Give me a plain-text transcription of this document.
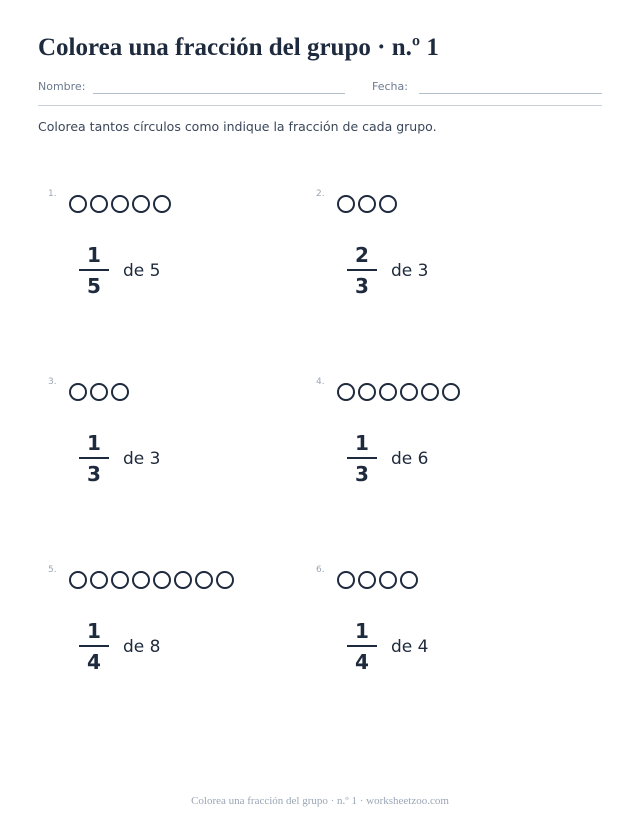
Colorea una fracción del grupo · n.º 1
Nombre:	Fecha:
Colorea tantos círculos como indique la fracción de cada grupo.
1.
1
5
de 5
2.
2
3
de 3
3.
1
3
de 3
4.
1
3
de 6
5.
1
4
de 8
6.
1
4
de 4
Colorea una fracción del grupo · n.º 1 · worksheetzoo.com
